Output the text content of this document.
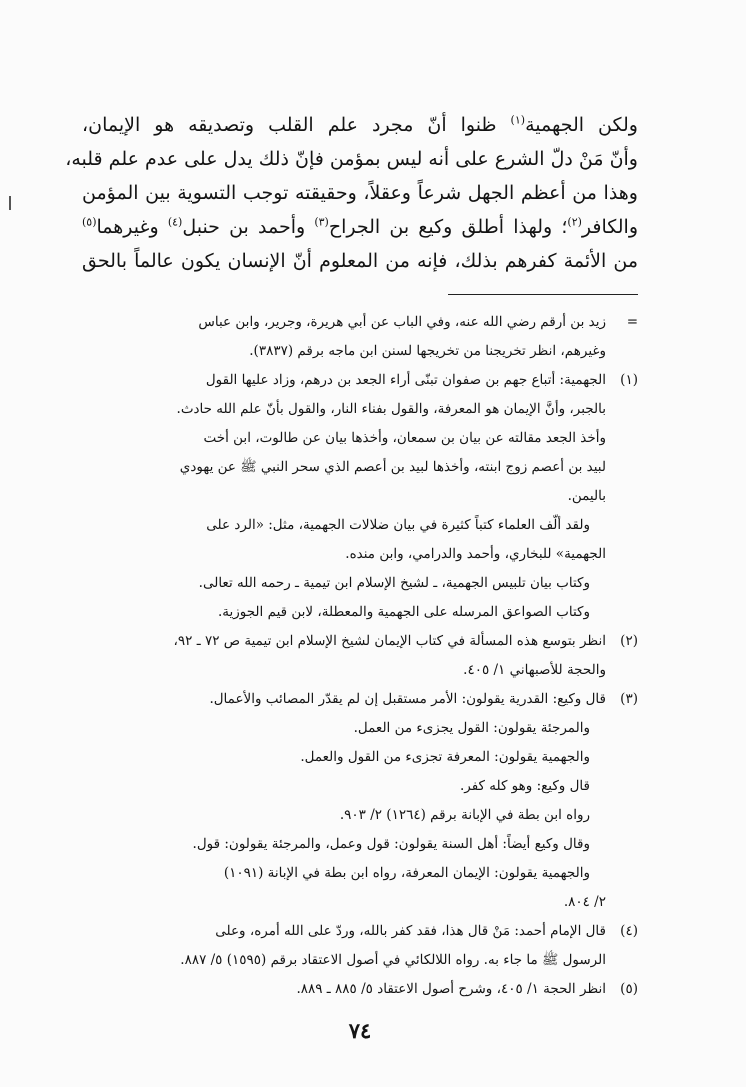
ولكن الجهمية$^{(١)}$ ظنوا أنّ مجرد علم القلب وتصديقه هو الإيمان،

وأنّ مَنْ دلّ الشرع على أنه ليس بمؤمن فإنّ ذلك يدل على عدم علم قلبه،

وهذا من أعظم الجهل شرعاً وعقلاً، وحقيقته توجب التسوية بين المؤمن

والكافر$^{(٢)}$؛ ولهذا أطلق وكيع بن الجراح$^{(٣)}$ وأحمد بن حنبل$^{(٤)}$ وغيرهما$^{(٥)}$

من الأئمة كفرهم بذلك، فإنه من المعلوم أنّ الإنسان يكون عالماً بالحق

=

زيد بن أرقم رضي الله عنه، وفي الباب عن أبي هريرة، وجرير، وابن عباس

وغيرهم، انظر تخريجنا من تخريجها لسنن ابن ماجه برقم (٣٨٣٧).

(١)

الجهمية: أتباع جهم بن صفوان تبنّى أراء الجعد بن درهم، وزاد عليها القول

بالجبر، وأنَّ الإيمان هو المعرفة، والقول بفناء النار، والقول بأنّ علم الله حادث.

وأخذ الجعد مقالته عن بيان بن سمعان، وأخذها بيان عن طالوت، ابن أخت

لبيد بن أعصم زوج ابنته، وأخذها لبيد بن أعصم الذي سحر النبي ﷺ عن يهودي

باليمن.

ولقد ألّف العلماء كتباً كثيرة في بيان ضلالات الجهمية، مثل: «الرد على

الجهمية» للبخاري، وأحمد والدرامي، وابن منده.

وكتاب بيان تلبيس الجهمية، ـ لشيخ الإسلام ابن تيمية ـ رحمه الله تعالى.

وكتاب الصواعق المرسله على الجهمية والمعطلة، لابن قيم الجوزية.

(٢)

انظر بتوسع هذه المسألة في كتاب الإيمان لشيخ الإسلام ابن تيمية ص ٧٢ ـ ٩٢،

والحجة للأصبهاني ١/ ٤٠٥.

(٣)

قال وكيع: القدرية يقولون: الأمر مستقبل إن لم يقدّر المصائب والأعمال.

والمرجئة يقولون: القول يجزىء من العمل.

والجهمية يقولون: المعرفة تجزىء من القول والعمل.

قال وكيع: وهو كله كفر.

رواه ابن بطة في الإبانة برقم (١٢٦٤) ٢/ ٩٠٣.

وقال وكيع أيضاً: أهل السنة يقولون: قول وعمل، والمرجئة يقولون: قول.

والجهمية يقولون: الإيمان المعرفة، رواه ابن بطة في الإبانة (١٠٩١)

٢/ ٨٠٤.

(٤)

قال الإمام أحمد: مَنْ قال هذا، فقد كفر بالله، وردّ على الله أمره، وعلى

الرسول ﷺ ما جاء به. رواه اللالكائي في أصول الاعتقاد برقم (١٥٩٥) ٥/ ٨٨٧.

(٥)

انظر الحجة ١/ ٤٠٥، وشرح أصول الاعتقاد ٥/ ٨٨٥ ـ ٨٨٩.

٧٤
